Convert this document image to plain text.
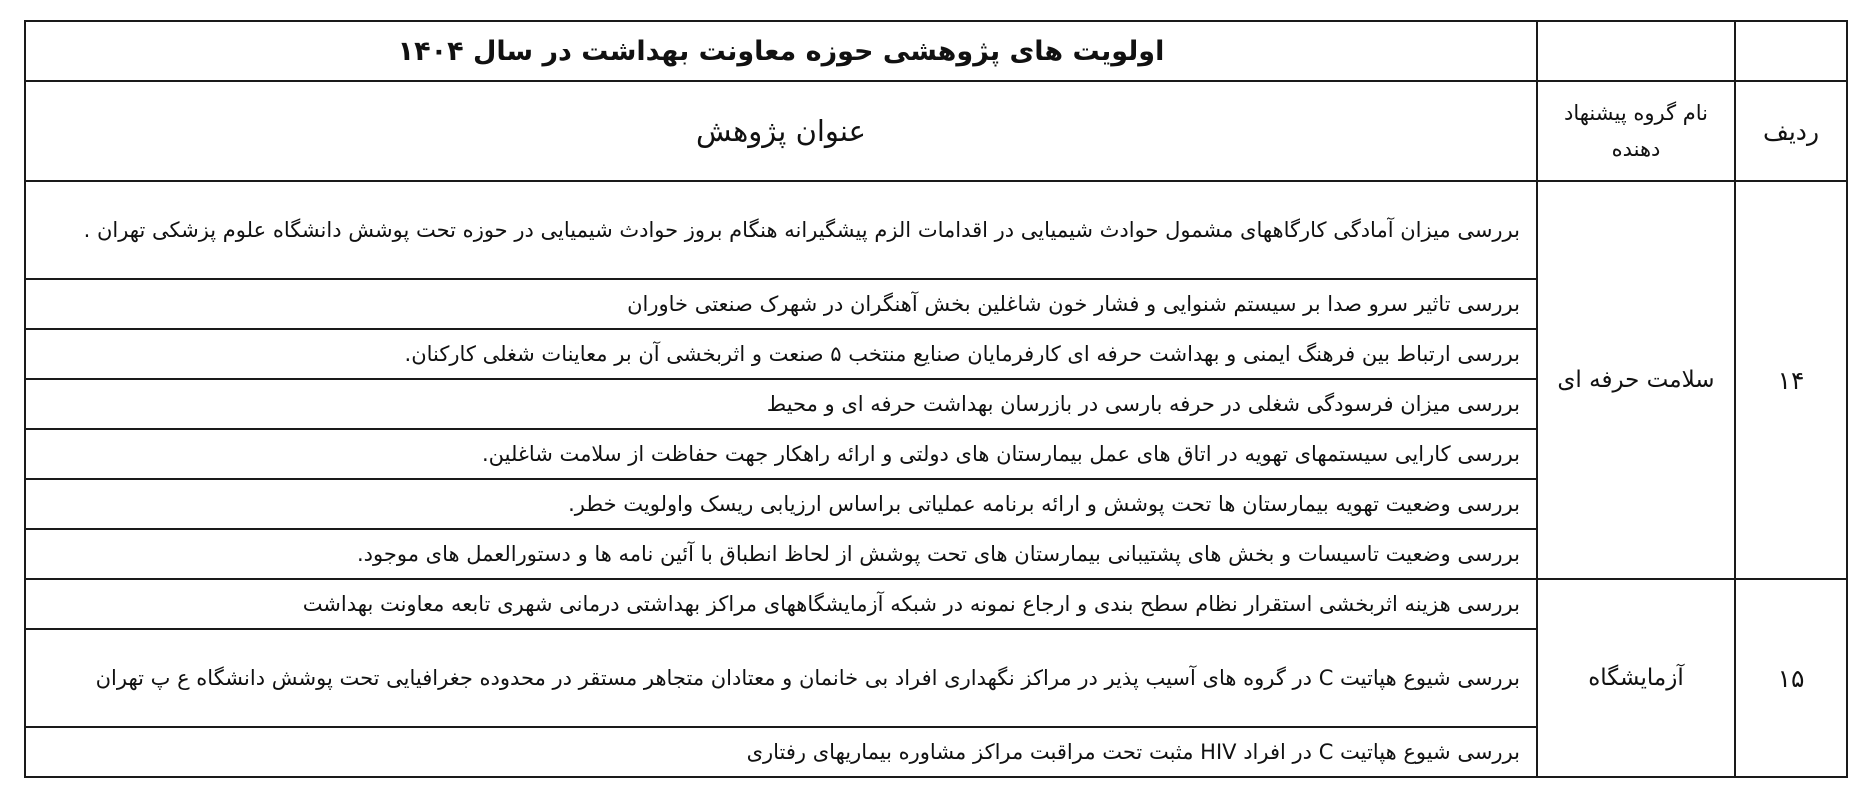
		اولویت های پژوهشی حوزه معاونت بهداشت در سال ۱۴۰۴
ردیف	نام گروه پیشنهاد دهنده	عنوان پژوهش
۱۴	سلامت حرفه ای	بررسی میزان آمادگی کارگاههای مشمول حوادث شیمیایی در اقدامات الزم پیشگیرانه هنگام بروز حوادث شیمیایی در حوزه تحت پوشش دانشگاه علوم پزشکی تهران .
		بررسی تاثیر سرو صدا بر سیستم شنوایی و فشار خون شاغلین بخش آهنگران در شهرک صنعتی خاوران
		بررسی ارتباط بین فرهنگ ایمنی و بهداشت حرفه ای کارفرمایان صنایع منتخب ۵ صنعت و اثربخشی آن بر معاینات شغلی کارکنان.
		بررسی میزان فرسودگی شغلی در حرفه بارسی در بازرسان بهداشت حرفه ای و محیط
		بررسی کارایی سیستمهای تهویه در اتاق های عمل بیمارستان های دولتی و ارائه راهکار جهت حفاظت از سلامت شاغلین.
		بررسی وضعیت تهویه بیمارستان ها تحت پوشش و ارائه برنامه عملیاتی براساس ارزیابی ریسک واولویت خطر.
		بررسی وضعیت تاسیسات و بخش های پشتیبانی بیمارستان های تحت پوشش از لحاظ انطباق با آئین نامه ها و دستورالعمل های موجود.
۱۵	آزمایشگاه	بررسی هزینه اثربخشی استقرار نظام سطح بندی و ارجاع نمونه در شبکه آزمایشگاههای مراکز بهداشتی درمانی شهری تابعه معاونت بهداشت
		بررسی شیوع هپاتیت C در گروه های آسیب پذیر در مراکز نگهداری افراد بی خانمان و معتادان متجاهر مستقر در محدوده جغرافیایی تحت پوشش دانشگاه ع پ تهران
		بررسی شیوع هپاتیت C در افراد HIV مثبت تحت مراقبت مراکز مشاوره بیماریهای رفتاری
